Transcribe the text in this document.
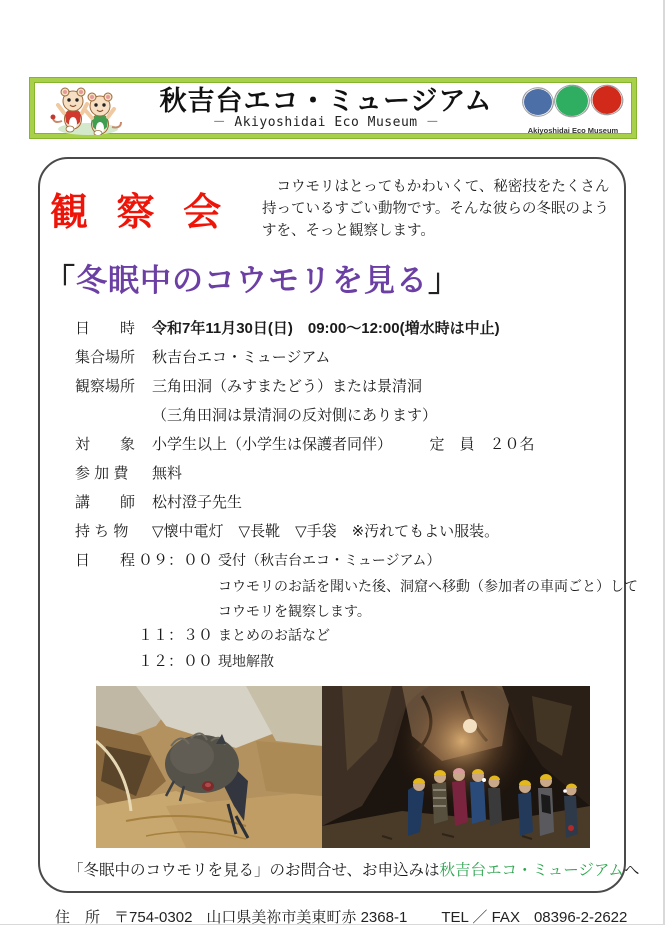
秋吉台エコ・ミュージアム
－ Akiyoshidai Eco Museum －
Akiyoshidai Eco Museum
観 察 会
　コウモリはとってもかわいくて、秘密技をたくさん持っているすごい動物です。そんな彼らの冬眠のようすを、そっと観察します。
「冬眠中のコウモリを見る」
日　　時	令和7年11月30日(日)　09:00～12:00(増水時は中止)
集合場所	秋吉台エコ・ミュージアム
観察場所	三角田洞（みすまたどう）または景清洞
（三角田洞は景清洞の反対側にあります）
対　　象	小学生以上（小学生は保護者同伴）　　　定　員　２０名
参 加 費	無料
講　　師	松村澄子先生
持 ち 物	▽懐中電灯　▽長靴　▽手袋　※汚れてもよい服装。
日　　程 ０９：００ 受付（秋吉台エコ・ミュージアム）
コウモリのお話を聞いた後、洞窟へ移動（参加者の車両ごと）して
コウモリを観察します。
１１：３０ まとめのお話など
１２：００ 現地解散
「冬眠中のコウモリを見る」のお問合せ、お申込みは秋吉台エコ・ミュージアムへ
住　所 〒754-0302 山口県美祢市美東町赤 2368-1 TEL ／ FAX 08396-2-2622
